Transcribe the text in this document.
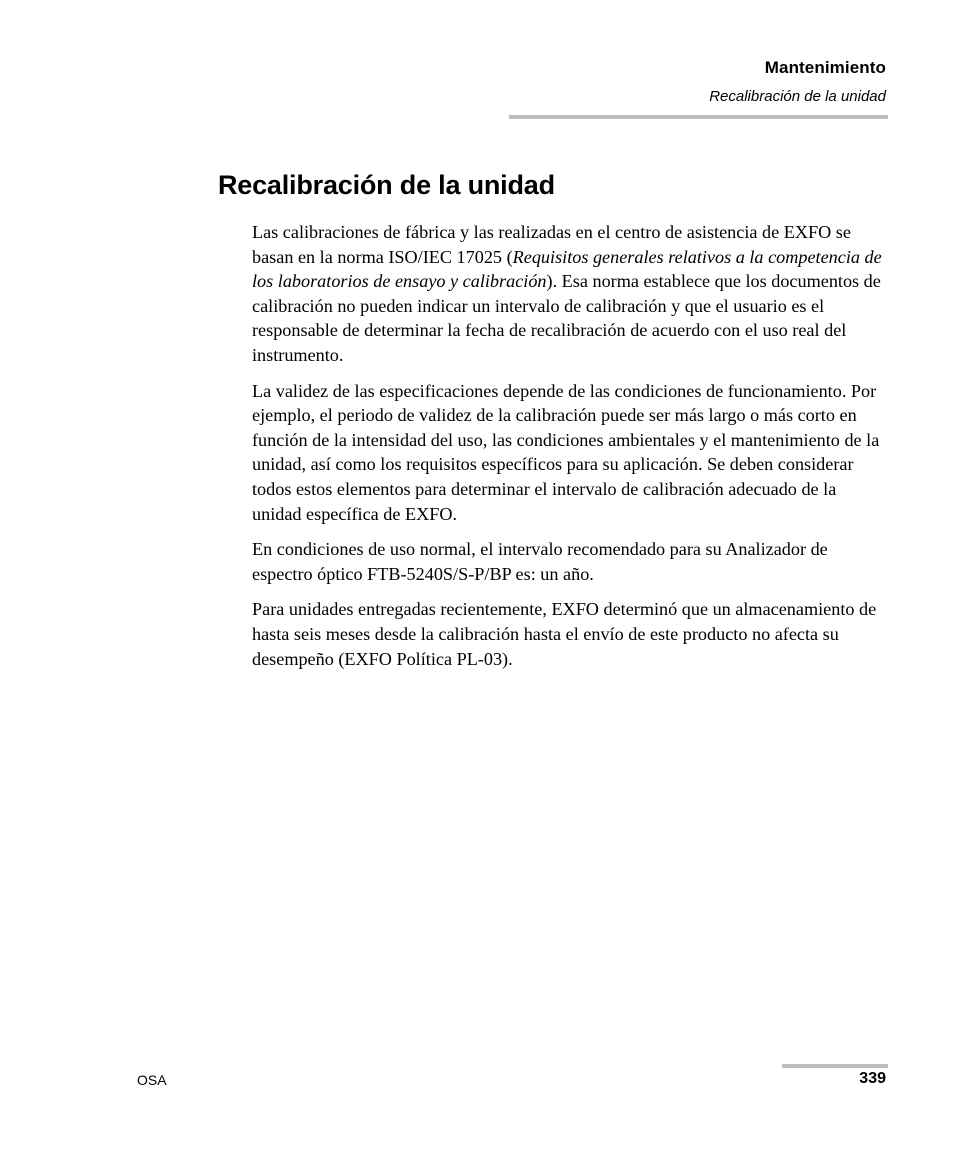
Mantenimiento
Recalibración de la unidad
Recalibración de la unidad

Las calibraciones de fábrica y las realizadas en el centro de asistencia de EXFO se basan en la norma ISO/IEC 17025 (Requisitos generales relativos a la competencia de los laboratorios de ensayo y calibración). Esa norma establece que los documentos de calibración no pueden indicar un intervalo de calibración y que el usuario es el responsable de determinar la fecha de recalibración de acuerdo con el uso real del instrumento.

La validez de las especificaciones depende de las condiciones de funcionamiento. Por ejemplo, el periodo de validez de la calibración puede ser más largo o más corto en función de la intensidad del uso, las condiciones ambientales y el mantenimiento de la unidad, así como los requisitos específicos para su aplicación. Se deben considerar todos estos elementos para determinar el intervalo de calibración adecuado de la unidad específica de EXFO.

En condiciones de uso normal, el intervalo recomendado para su Analizador de espectro óptico FTB-5240S/S-P/BP es: un año.

Para unidades entregadas recientemente, EXFO determinó que un almacenamiento de hasta seis meses desde la calibración hasta el envío de este producto no afecta su desempeño (EXFO Política PL-03).

OSA	339
